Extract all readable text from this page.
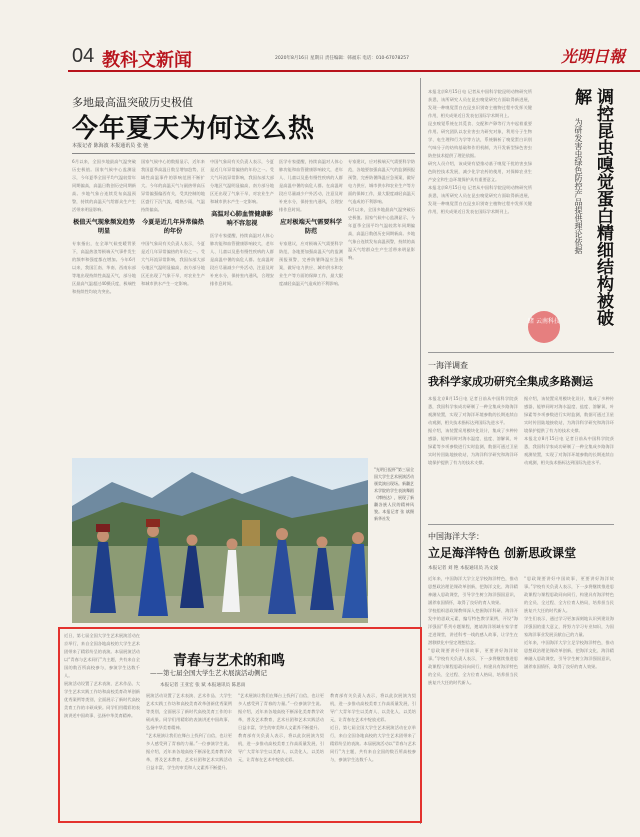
04 教科文新闻	2020年8月16日 星期日 责任编辑：韩福东 电话：010-67078257	光明日報
多地最高温突破历史极值
今年夏天为何这么热
本报记者 陈海波 本报通讯员 张 弛

6月以来，全国多地最高气温突破历史极值。国家气候中心监测显示，今年夏季全国平均气温较常年同期偏高，高温日数创历史同期新高。多地气象台连续发布高温预警，持续的高温天气给群众生产生活带来明显影响。

极值天气现象频发趋势明显

专家指出，在全球气候变暖背景下，高温热浪等极端天气事件发生的频率和强度都在增加。今年6月以来，我国江南、华南、西南东部等地出现持续性高温天气，部分地区最高气温超过40摄氏度，极端性和持续性均较为突出。

国家气候中心的数据显示，近年来我国夏季高温日数呈增加趋势，区域性高温事件的影响范围不断扩大。今年的高温天气与副热带高压异常偏强偏西有关，受其控制的地区盛行下沉气流，晴热少雨，气温持续偏高。

今夏是近几年异常偏热的年份

中国气象局有关负责人表示，今夏是近几年异常偏热的年份之一。受大气环流异常影响，我国东部大部分地区气温明显偏高，南方部分地区还出现了气象干旱，对农业生产和城市供水产生一定影响。

中国气象局有关负责人表示，今夏是近几年异常偏热的年份之一。受大气环流异常影响，我国东部大部分地区气温明显偏高，南方部分地区还出现了气象干旱，对农业生产和城市供水产生一定影响。

高温对心肺血管健康影响不容忽视

医学专家提醒，持续高温对人体心肺功能和血管健康影响较大，老年人、儿童以及患有慢性疾病的人群是高温中暑的高危人群。在高温时段应尽量减少户外活动，注意及时补充水分，保持室内通风，合理安排作息时间。

医学专家提醒，持续高温对人体心肺功能和血管健康影响较大，老年人、儿童以及患有慢性疾病的人群是高温中暑的高危人群。在高温时段应尽量减少户外活动，注意及时补充水分，保持室内通风，合理安排作息时间。

应对极端天气需要科学防范

专家建议，应对极端天气需要科学防范，各地要加强高温天气的监测预报预警，完善防暑降温应急预案，做好电力供应、城市供水和农业生产等方面的保障工作，最大限度减轻高温天气造成的不利影响。

专家建议，应对极端天气需要科学防范，各地要加强高温天气的监测预报预警，完善防暑降温应急预案，做好电力供应、城市供水和农业生产等方面的保障工作，最大限度减轻高温天气造成的不利影响。

6月以来，全国多地最高气温突破历史极值。国家气候中心监测显示，今年夏季全国平均气温较常年同期偏高，高温日数创历史同期新高。多地气象台连续发布高温预警，持续的高温天气给群众生产生活带来明显影响。

"光明日报杯"第三届全国大学生艺术展演活动颁奖演出现场。新疆艺术学院的学生表演舞蹈《博格达》，展现了新疆各族人民的精神风貌。本报记者 张 斌摄 新华社发

近日，第七届全国大学生艺术展演活动在京举行，来自全国各地高校的大学生艺术团带来了精彩纷呈的表演。本届展演活动以“青春与艺术同行”为主题，共有来自全国的数百所高校参与，参演学生达数千人。

展演活动设置了艺术表演、艺术作品、大学生艺术实践工作坊和高校美育改革创新优秀案例等类别，全面展示了新时代高校美育工作的丰硕成果。同学们用精彩的表演讲述中国故事、弘扬中华美育精神。

青春与艺术的和鸣
——第七届全国大学生艺术展演活动侧记
本报记者 王亚宏 张 斌 本报通讯员 陈思雨

展演活动设置了艺术表演、艺术作品、大学生艺术实践工作坊和高校美育改革创新优秀案例等类别，全面展示了新时代高校美育工作的丰硕成果。同学们用精彩的表演讲述中国故事、弘扬中华美育精神。

“艺术展演让我们在舞台上找到了自信，也让更多人感受到了青春的力量。”一位参演学生说。据介绍，近年来各地高校不断深化美育教学改革，普及艺术教育，艺术社团和艺术实践活动日益丰富，学生的审美和人文素养不断提升。

“艺术展演让我们在舞台上找到了自信，也让更多人感受到了青春的力量。”一位参演学生说。据介绍，近年来各地高校不断深化美育教学改革，普及艺术教育，艺术社团和艺术实践活动日益丰富，学生的审美和人文素养不断提升。

教育部有关负责人表示，将以此次展演为契机，进一步推动高校美育工作高质量发展，引导广大青年学生以美育人、以美化人、以美培元，让青春在艺术中绽放光彩。

教育部有关负责人表示，将以此次展演为契机，进一步推动高校美育工作高质量发展，引导广大青年学生以美育人、以美化人、以美培元，让青春在艺术中绽放光彩。

近日，第七届全国大学生艺术展演活动在京举行，来自全国各地高校的大学生艺术团带来了精彩纷呈的表演。本届展演活动以“青春与艺术同行”为主题，共有来自全国的数百所高校参与，参演学生达数千人。

本报北京8月15日电 记者从中国科学院昆明动物研究所获悉，该所研究人员在昆虫嗅觉研究方面取得新进展，发现一种嗅觉蛋白在昆虫识别寄主植物过程中发挥关键作用，相关成果近日发表在国际学术期刊上。

昆虫嗅觉系统在其觅食、交配和产卵等行为中起着重要作用。研究团队以农业害虫为研究对象，利用分子生物学、电生理和行为学等方法，系统解析了嗅觉蛋白识别气味分子的结构基础和作用机制，为开发新型绿色害虫防控技术提供了理论依据。

研究人员介绍，该成果有望推动基于嗅觉干扰的害虫绿色防控技术发展，减少化学农药的使用，对保障农业生产安全和生态环境保护具有重要意义。

本报北京8月15日电 记者从中国科学院昆明动物研究所获悉，该所研究人员在昆虫嗅觉研究方面取得新进展，发现一种嗅觉蛋白在昆虫识别寄主植物过程中发挥关键作用，相关成果近日发表在国际学术期刊上。	调控昆虫嗅觉蛋白精细结构被破解
为研发害虫绿色防控产品提供理论依据
睹 云南科技
一海洋调查
我科学家成功研究全集成多路测运

本报北京8月15日电 记者日前从中国科学院获悉，我国科学家成功研制了一种全集成多路海洋观测装置，实现了对海洋环境参数的长期连续自动观测，相关技术指标达到国际先进水平。

据介绍，该装置采用模块化设计，集成了多种传感器，能够同时对海水温度、盐度、溶解氧、叶绿素等多项参数进行实时监测，数据可通过卫星实时传回陆地接收站，为海洋科学研究和海洋环境保护提供了有力的技术支撑。

据介绍，该装置采用模块化设计，集成了多种传感器，能够同时对海水温度、盐度、溶解氧、叶绿素等多项参数进行实时监测，数据可通过卫星实时传回陆地接收站，为海洋科学研究和海洋环境保护提供了有力的技术支撑。

本报北京8月15日电 记者日前从中国科学院获悉，我国科学家成功研制了一种全集成多路海洋观测装置，实现了对海洋环境参数的长期连续自动观测，相关技术指标达到国际先进水平。

中国海洋大学：
立足海洋特色 创新思政课堂
本报记者 刘 艳 本报通讯员 冯文波

近年来，中国海洋大学立足学校海洋特色，推动思想政治理论课改革创新，把海洋文化、海洋精神融入思政课堂，引导学生树立海洋强国意识，涵养家国情怀，取得了良好的育人效果。

学校组织思政课教师深入挖掘海洋科研、海洋开发中的思政元素，编写特色教学案例，开设“海洋强国”系列专题课程，邀请海洋领域专家学者走进课堂，讲述科考一线的感人故事，让学生在潜移默化中坚定理想信念。

“思政课要讲好中国故事，更要讲好海洋故事。”学校有关负责人表示，下一步将继续推进思政课程与课程思政同向同行，构建具有海洋特色的全员、全过程、全方位育人格局，培养担当民族复兴大任的时代新人。

“思政课要讲好中国故事，更要讲好海洋故事。”学校有关负责人表示，下一步将继续推进思政课程与课程思政同向同行，构建具有海洋特色的全员、全过程、全方位育人格局，培养担当民族复兴大任的时代新人。

学生们表示，通过学习更加深刻地认识到建设海洋强国的重大意义，将努力学习专业知识，为国家海洋事业发展贡献自己的力量。

近年来，中国海洋大学立足学校海洋特色，推动思想政治理论课改革创新，把海洋文化、海洋精神融入思政课堂，引导学生树立海洋强国意识，涵养家国情怀，取得了良好的育人效果。
